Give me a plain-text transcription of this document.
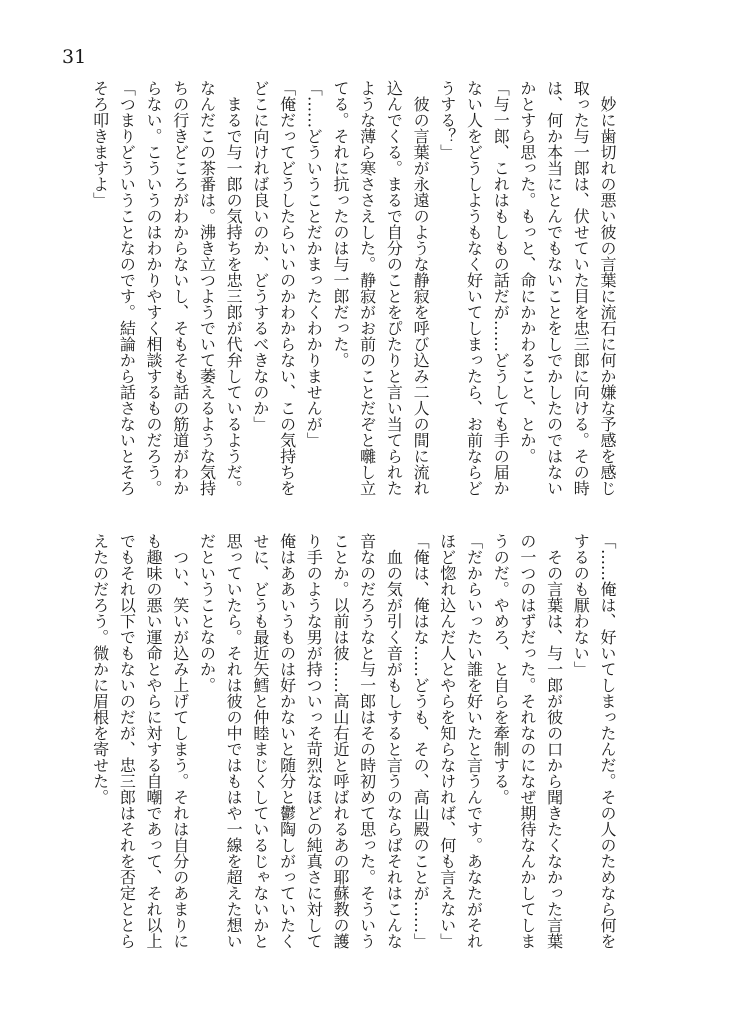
31
　妙に歯切れの悪い彼の言葉に流石に何か嫌な予感を感じ
取った与一郎は、伏せていた目を忠三郎に向ける。その時
は、何か本当にとんでもないことをしでかしたのではない
かとすら思った。もっと、命にかかわること、とか。
「与一郎、これはもしもの話だが……どうしても手の届か
ない人をどうしようもなく好いてしまったら、お前ならど
うする？」
　彼の言葉が永遠のような静寂を呼び込み二人の間に流れ
込んでくる。まるで自分のことをぴたりと言い当てられた
ような薄ら寒ささえした。静寂がお前のことだぞと囃し立
てる。それに抗ったのは与一郎だった。
「……どういうことだかまったくわかりませんが」
「俺だってどうしたらいいのかわからない、この気持ちを
どこに向ければ良いのか、どうするべきなのか」
　まるで与一郎の気持ちを忠三郎が代弁しているようだ。
なんだこの茶番は。沸き立つようでいて萎えるような気持
ちの行きどころがわからないし、そもそも話の筋道がわか
らない。こういうのはわかりやすく相談するものだろう。
「つまりどういうことなのです。結論から話さないとそろ
そろ叩きますよ」
「……俺は、好いてしまったんだ。その人のためなら何を
するのも厭わない」
　その言葉は、与一郎が彼の口から聞きたくなかった言葉
の一つのはずだった。それなのになぜ期待なんかしてしま
うのだ。やめろ、と自らを牽制する。
「だからいったい誰を好いたと言うんです。あなたがそれ
ほど惚れ込んだ人とやらを知らなければ、何も言えない」
「俺は、俺はな……どうも、その、高山殿のことが……」
　血の気が引く音がもしすると言うのならばそれはこんな
音なのだろうなと与一郎はその時初めて思った。そういう
ことか。以前は彼……高山右近と呼ばれるあの耶蘇教の護
り手のような男が持ついっそ苛烈なほどの純真さに対して
俺はああいうものは好かないと随分と鬱陶しがっていたく
せに、どうも最近矢鱈と仲睦まじくしているじゃないかと
思っていたら。それは彼の中ではもはや一線を超えた想い
だということなのか。
　つい、笑いが込み上げてしまう。それは自分のあまりに
も趣味の悪い運命とやらに対する自嘲であって、それ以上
でもそれ以下でもないのだが、忠三郎はそれを否定ととら
えたのだろう。微かに眉根を寄せた。
